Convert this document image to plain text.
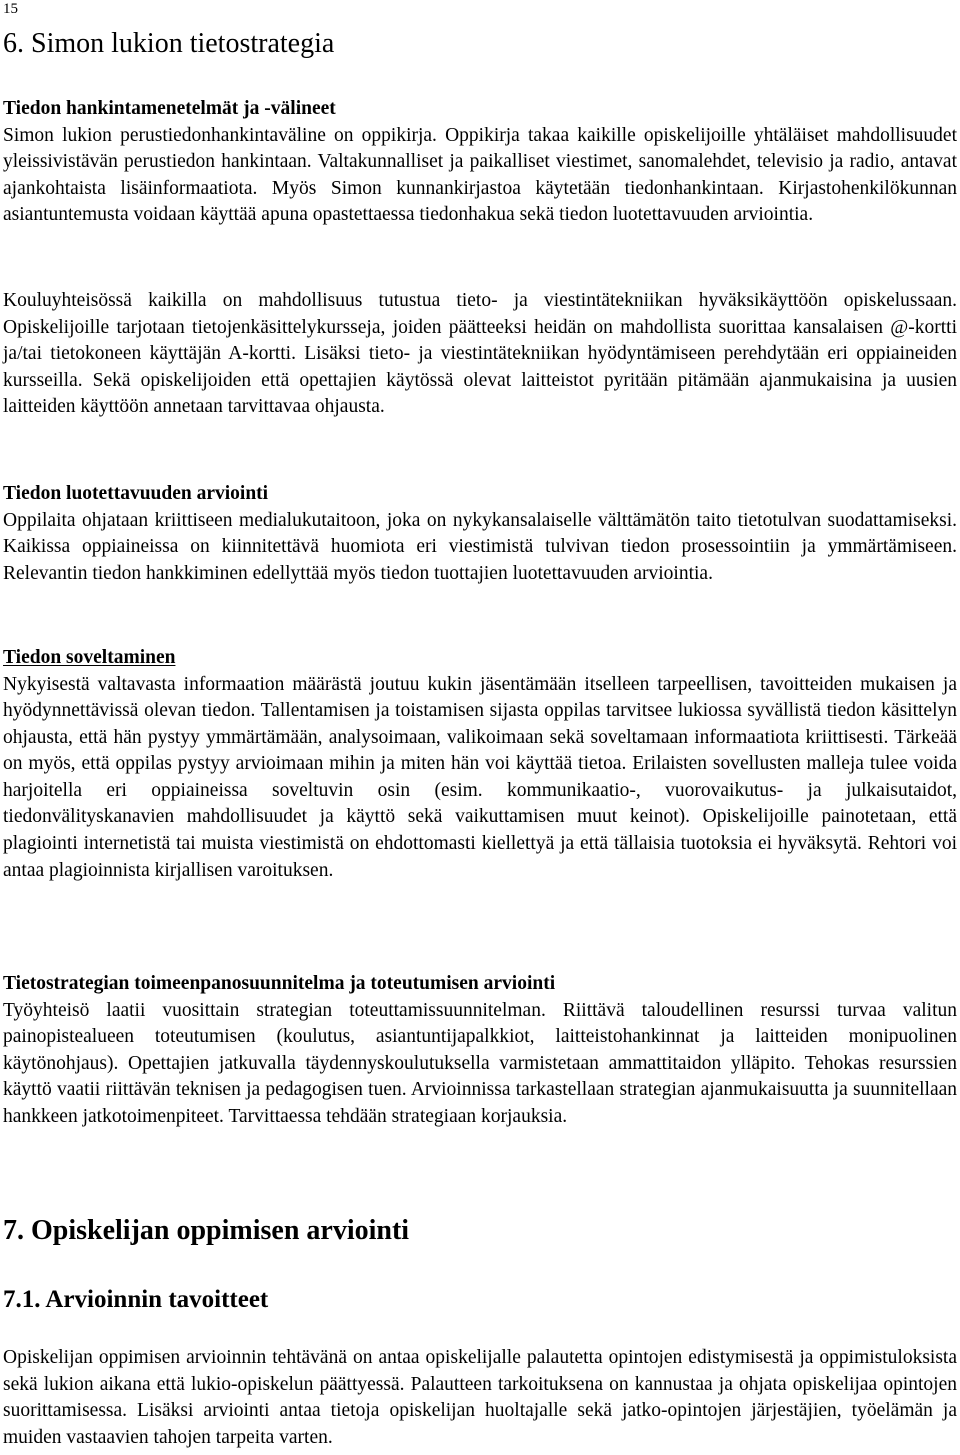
15
6. Simon lukion tietostrategia
Tiedon hankintamenetelmät ja -välineet

Simon lukion perustiedonhankintaväline on oppikirja. Oppikirja takaa kaikille opiskelijoille yhtäläiset mahdollisuudet yleissivistävän perustiedon hankintaan. Valtakunnalliset ja paikalliset viestimet, sanomalehdet, televisio ja radio, antavat ajankohtaista lisäinformaatiota. Myös Simon kunnankirjastoa käytetään tiedonhankintaan. Kirjastohenkilökunnan asiantuntemusta voidaan käyttää apuna opastettaessa tiedonhakua sekä tiedon luotettavuuden arviointia.

Kouluyhteisössä kaikilla on mahdollisuus tutustua tieto- ja viestintätekniikan hyväksikäyttöön opiskelussaan. Opiskelijoille tarjotaan tietojenkäsittelykursseja, joiden päätteeksi heidän on mahdollista suorittaa kansalaisen @-kortti ja/tai tietokoneen käyttäjän A-kortti. Lisäksi tieto- ja viestintätekniikan hyödyntämiseen perehdytään eri oppiaineiden kursseilla. Sekä opiskelijoiden että opettajien käytössä olevat laitteistot pyritään pitämään ajanmukaisina ja uusien laitteiden käyttöön annetaan tarvittavaa ohjausta.

Tiedon luotettavuuden arviointi

Oppilaita ohjataan kriittiseen medialukutaitoon, joka on nykykansalaiselle välttämätön taito tietotulvan suodattamiseksi. Kaikissa oppiaineissa on kiinnitettävä huomiota eri viestimistä tulvivan tiedon prosessointiin ja ymmärtämiseen. Relevantin tiedon hankkiminen edellyttää myös tiedon tuottajien luotettavuuden arviointia.

Tiedon soveltaminen

Nykyisestä valtavasta informaation määrästä joutuu kukin jäsentämään itselleen tarpeellisen, tavoitteiden mukaisen ja hyödynnettävissä olevan tiedon. Tallentamisen ja toistamisen sijasta oppilas tarvitsee lukiossa syvällistä tiedon käsittelyn ohjausta, että hän pystyy ymmärtämään, analysoimaan, valikoimaan sekä soveltamaan informaatiota kriittisesti. Tärkeää on myös, että oppilas pystyy arvioimaan mihin ja miten hän voi käyttää tietoa. Erilaisten sovellusten malleja tulee voida harjoitella eri oppiaineissa soveltuvin osin (esim. kommunikaatio-, vuorovaikutus- ja julkaisutaidot, tiedonvälityskanavien mahdollisuudet ja käyttö sekä vaikuttamisen muut keinot). Opiskelijoille painotetaan, että plagiointi internetistä tai muista viestimistä on ehdottomasti kiellettyä ja että tällaisia tuotoksia ei hyväksytä. Rehtori voi antaa plagioinnista kirjallisen varoituksen.

Tietostrategian toimeenpanosuunnitelma ja toteutumisen arviointi

Työyhteisö laatii vuosittain strategian toteuttamissuunnitelman. Riittävä taloudellinen resurssi turvaa valitun painopistealueen toteutumisen (koulutus, asiantuntijapalkkiot, laitteistohankinnat ja laitteiden monipuolinen käytönohjaus). Opettajien jatkuvalla täydennyskoulutuksella varmistetaan ammattitaidon ylläpito. Tehokas resurssien käyttö vaatii riittävän teknisen ja pedagogisen tuen. Arvioinnissa tarkastellaan strategian ajanmukaisuutta ja suunnitellaan hankkeen jatkotoimenpiteet. Tarvittaessa tehdään strategiaan korjauksia.

7. Opiskelijan oppimisen arviointi
7.1. Arvioinnin tavoitteet

Opiskelijan oppimisen arvioinnin tehtävänä on antaa opiskelijalle palautetta opintojen edistymisestä ja oppimistuloksista sekä lukion aikana että lukio-opiskelun päättyessä. Palautteen tarkoituksena on kannustaa ja ohjata opiskelijaa opintojen suorittamisessa. Lisäksi arviointi antaa tietoja opiskelijan huoltajalle sekä jatko-opintojen järjestäjien, työelämän ja muiden vastaavien tahojen tarpeita varten.
